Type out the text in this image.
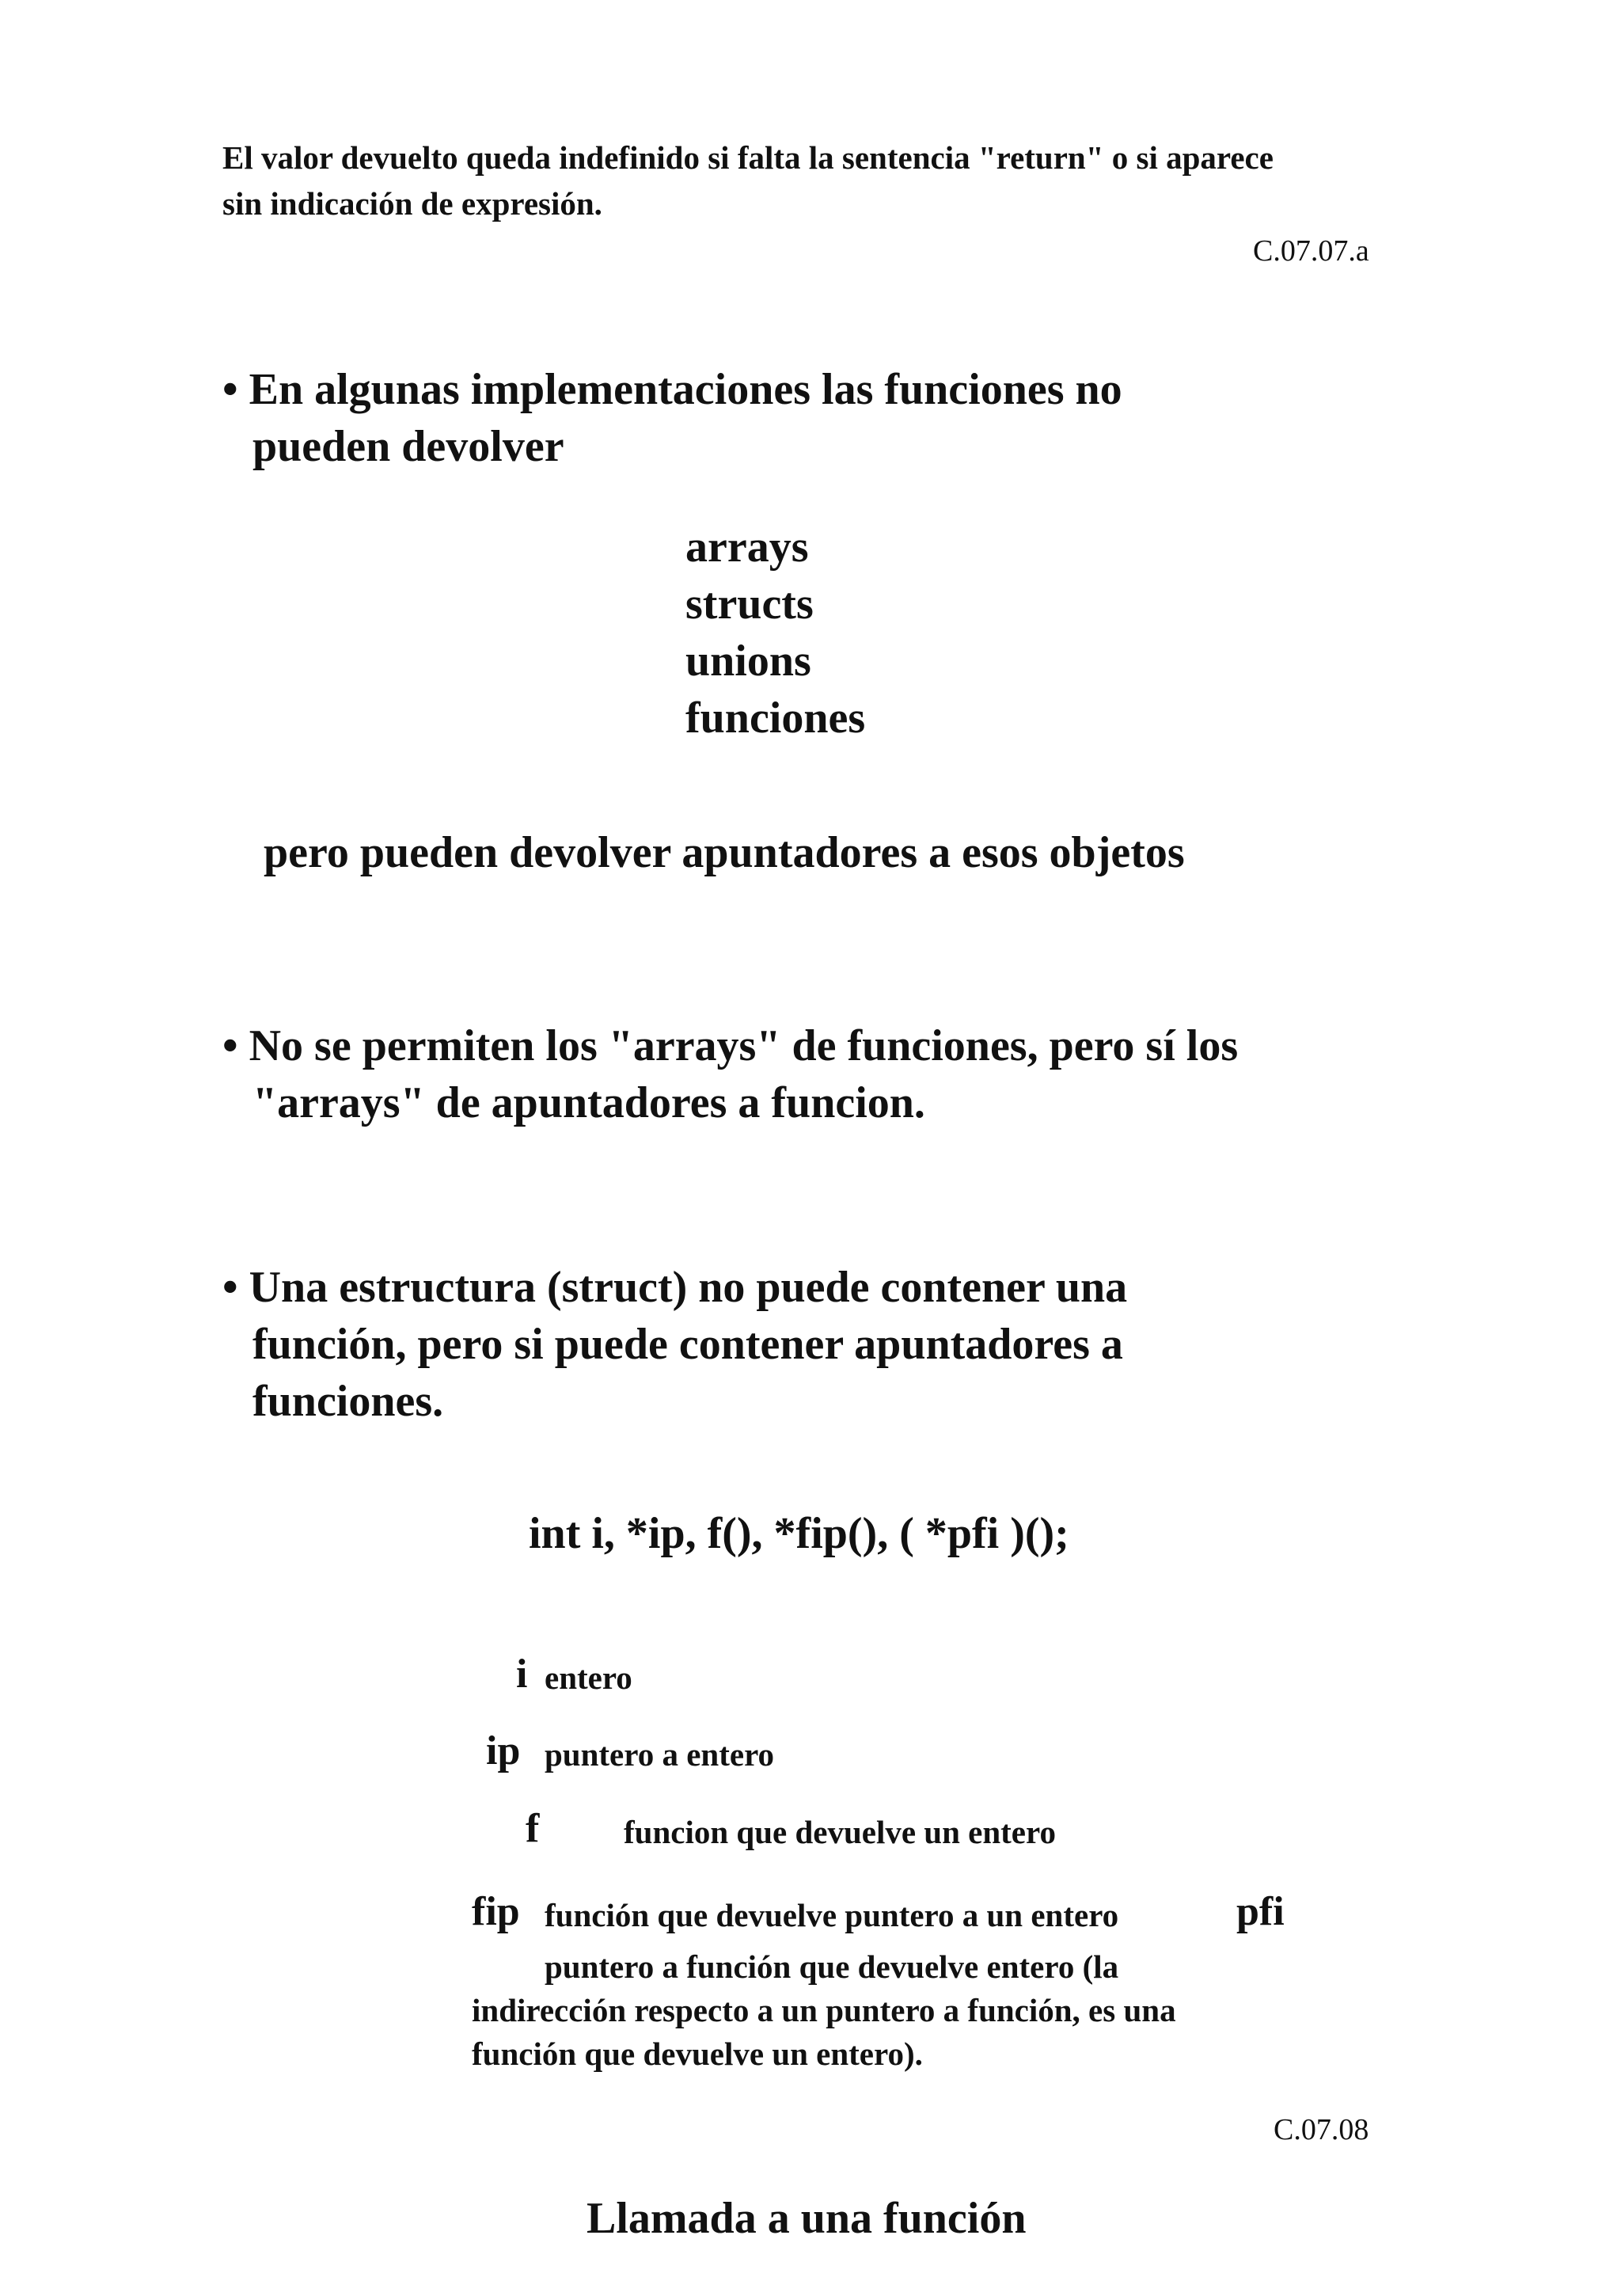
El valor devuelto queda indefinido si falta la sentencia "return" o si aparece
sin indicación de expresión.
C.07.07.a
• En algunas implementaciones las funciones no
pueden devolver
arrays
structs
unions
funciones
pero pueden devolver apuntadores a esos objetos
• No se permiten los "arrays" de funciones, pero sí los
"arrays" de apuntadores a funcion.
• Una estructura (struct) no puede contener una
función, pero si puede contener apuntadores a
funciones.
int i, *ip, f(), *fip(), ( *pfi )();
i entero
ip puntero a entero
f	funcion que devuelve un entero
fip función que devuelve puntero a un entero	pfi
puntero a función que devuelve entero (la
indirección respecto a un puntero a función, es una
función que devuelve un entero).
C.07.08
Llamada a una función
